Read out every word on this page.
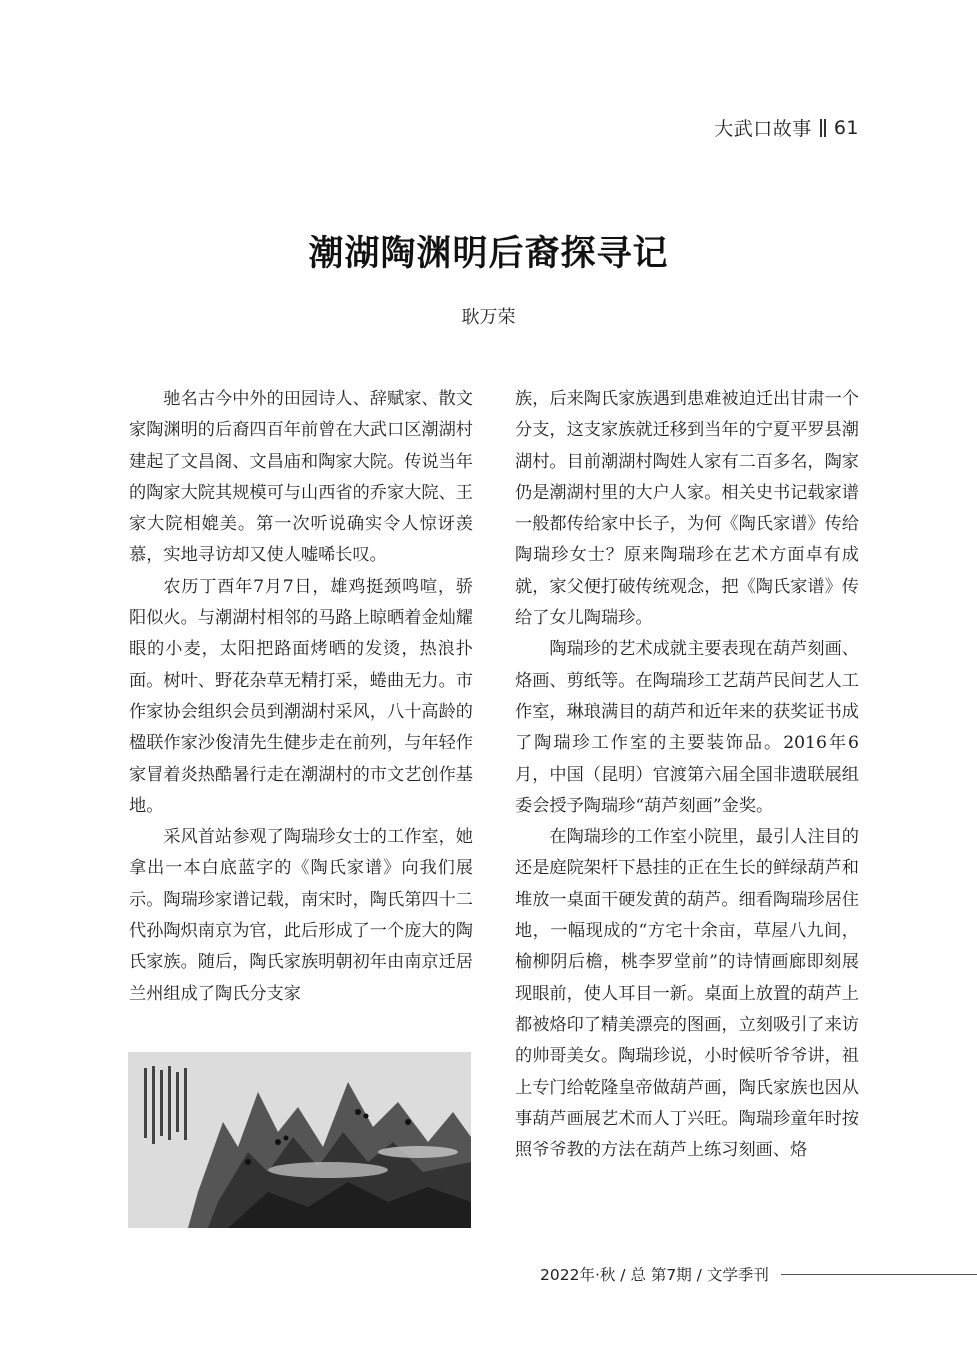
大武口故事 61
潮湖陶渊明后裔探寻记
耿万荣

驰名古今中外的田园诗人、辞赋家、散文家陶渊明的后裔四百年前曾在大武口区潮湖村建起了文昌阁、文昌庙和陶家大院。传说当年的陶家大院其规模可与山西省的乔家大院、王家大院相媲美。第一次听说确实令人惊讶羡慕，实地寻访却又使人嘘唏长叹。

农历丁酉年7月7日，雄鸡挺颈鸣喧，骄阳似火。与潮湖村相邻的马路上晾晒着金灿耀眼的小麦，太阳把路面烤晒的发烫，热浪扑面。树叶、野花杂草无精打采，蜷曲无力。市作家协会组织会员到潮湖村采风，八十高龄的楹联作家沙俊清先生健步走在前列，与年轻作家冒着炎热酷暑行走在潮湖村的市文艺创作基地。

采风首站参观了陶瑞珍女士的工作室，她拿出一本白底蓝字的《陶氏家谱》向我们展示。陶瑞珍家谱记载，南宋时，陶氏第四十二代孙陶炽南京为官，此后形成了一个庞大的陶氏家族。随后，陶氏家族明朝初年由南京迁居兰州组成了陶氏分支家

族，后来陶氏家族遇到患难被迫迁出甘肃一个分支，这支家族就迁移到当年的宁夏平罗县潮湖村。目前潮湖村陶姓人家有二百多名，陶家仍是潮湖村里的大户人家。相关史书记载家谱一般都传给家中长子，为何《陶氏家谱》传给陶瑞珍女士？原来陶瑞珍在艺术方面卓有成就，家父便打破传统观念，把《陶氏家谱》传给了女儿陶瑞珍。

陶瑞珍的艺术成就主要表现在葫芦刻画、烙画、剪纸等。在陶瑞珍工艺葫芦民间艺人工作室，琳琅满目的葫芦和近年来的获奖证书成了陶瑞珍工作室的主要装饰品。2016年6月，中国（昆明）官渡第六届全国非遗联展组委会授予陶瑞珍“葫芦刻画”金奖。

在陶瑞珍的工作室小院里，最引人注目的还是庭院架杆下悬挂的正在生长的鲜绿葫芦和堆放一桌面干硬发黄的葫芦。细看陶瑞珍居住地，一幅现成的“方宅十余亩，草屋八九间，榆柳阴后檐，桃李罗堂前”的诗情画廊即刻展现眼前，使人耳目一新。桌面上放置的葫芦上都被烙印了精美漂亮的图画，立刻吸引了来访的帅哥美女。陶瑞珍说，小时候听爷爷讲，祖上专门给乾隆皇帝做葫芦画，陶氏家族也因从事葫芦画展艺术而人丁兴旺。陶瑞珍童年时按照爷爷教的方法在葫芦上练习刻画、烙

2022年·秋 / 总 第7期 / 文学季刊
